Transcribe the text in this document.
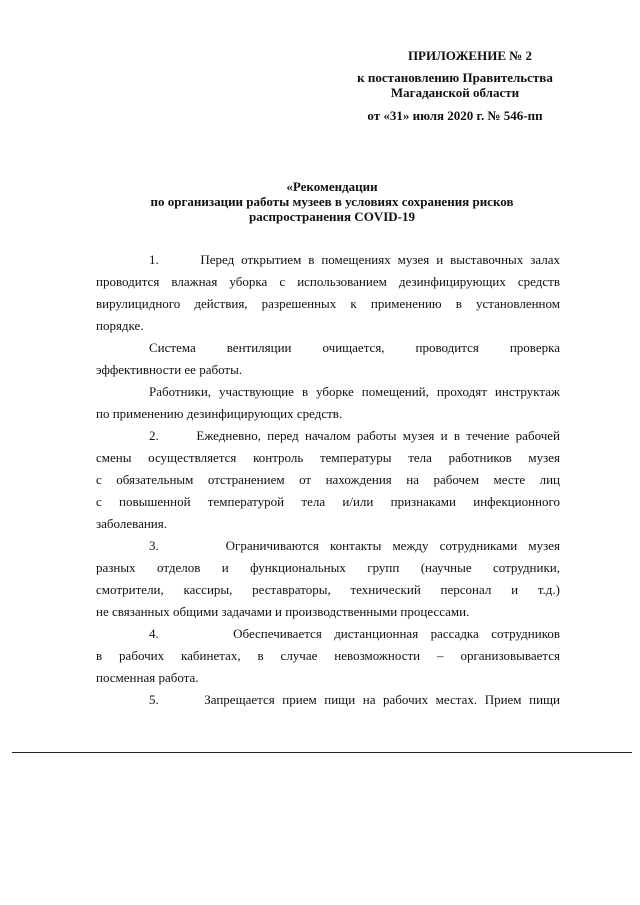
ПРИЛОЖЕНИЕ № 2
к постановлению Правительства
Магаданской области
от «31» июля 2020 г. № 546-пп
«Рекомендации
по организации работы музеев в условиях сохранения рисков
распространения COVID-19
1.      Перед открытием в помещениях музея и выставочных залах
проводится влажная уборка с использованием дезинфицирующих средств
вирулицидного действия, разрешенных к применению в установленном
порядке.
Система      вентиляции      очищается,      проводится      проверка
эффективности ее работы.
Работники, участвующие в уборке помещений, проходят инструктаж
по применению дезинфицирующих средств.
2.      Ежедневно, перед началом работы музея и в течение рабочей
смены осуществляется контроль температуры тела работников музея
с обязательным отстранением от нахождения на рабочем месте лиц
с повышенной температурой тела и/или признаками инфекционного
заболевания.
3.      Ограничиваются контакты между сотрудниками музея
разных отделов и функциональных групп (научные сотрудники,
смотрители, кассиры, реставраторы, технический персонал и т.д.)
не связанных общими задачами и производственными процессами.
4.      Обеспечивается дистанционная рассадка сотрудников
в рабочих кабинетах, в случае невозможности – организовывается
посменная работа.
5.      Запрещается прием пищи на рабочих местах. Прием пищи
